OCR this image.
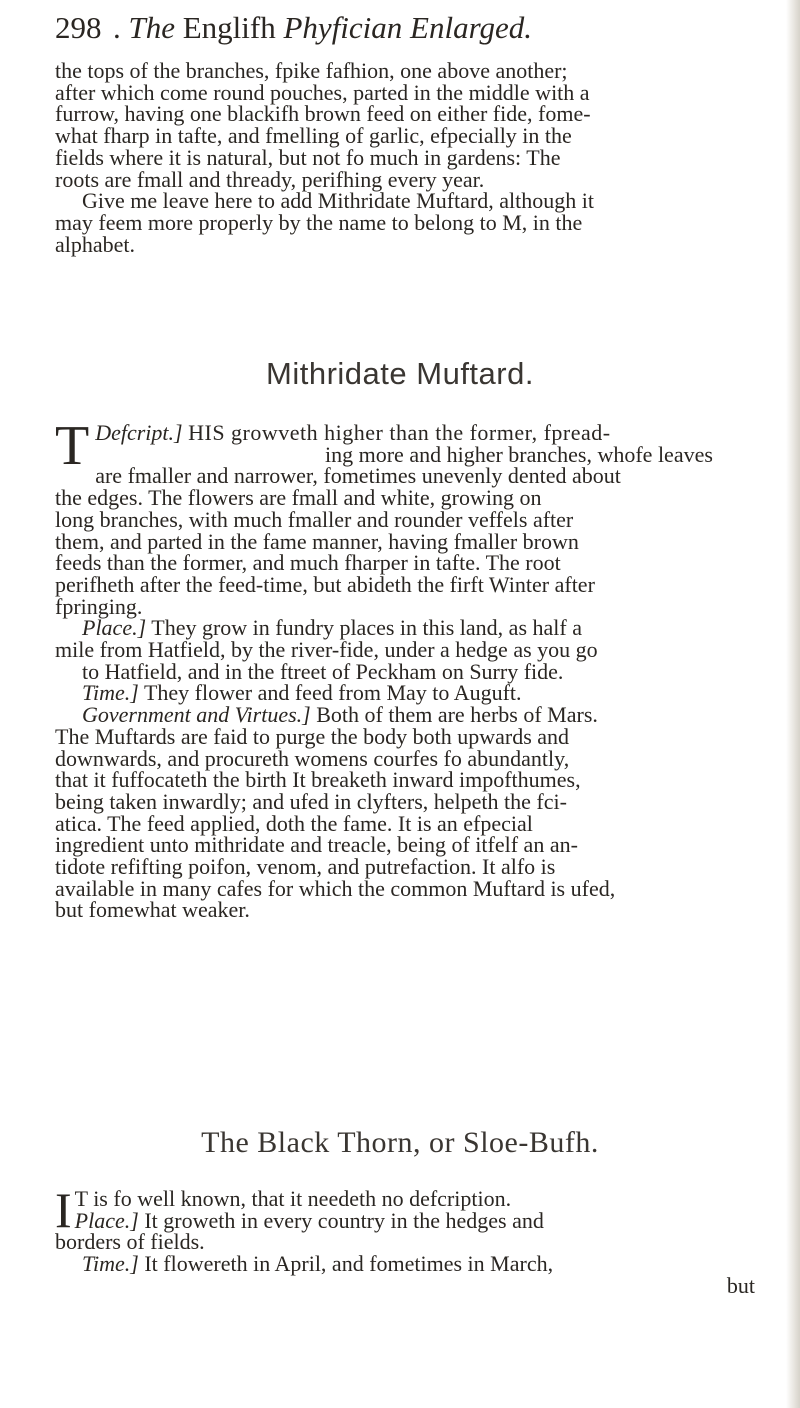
298 . The Englifh Phyfician Enlarged.

the tops of the branches, fpike fafhion, one above another;

after which come round pouches, parted in the middle with a

furrow, having one blackifh brown feed on either fide, fome-

what fharp in tafte, and fmelling of garlic, efpecially in the

fields where it is natural, but not fo much in gardens: The

roots are fmall and thready, perifhing every year.

Give me leave here to add Mithridate Muftard, although it

may feem more properly by the name to belong to M, in the

alphabet.

Mithridate Muftard.

Defcript.]
T	HIS growveth higher than the former, fpread-

ing more and higher branches, whofe leaves

are fmaller and narrower, fometimes unevenly dented about

the edges. The flowers are fmall and white, growing on

long branches, with much fmaller and rounder veffels after

them, and parted in the fame manner, having fmaller brown

feeds than the former, and much fharper in tafte. The root

perifheth after the feed-time, but abideth the firft Winter after

fpringing.

Place.] They grow in fundry places in this land, as half a

mile from Hatfield, by the river-fide, under a hedge as you go

to Hatfield, and in the ftreet of Peckham on Surry fide.

Time.] They flower and feed from May to Auguft.

Government and Virtues.] Both of them are herbs of Mars.

The Muftards are faid to purge the body both upwards and

downwards, and procureth womens courfes fo abundantly,

that it fuffocateth the birth It breaketh inward impofthumes,

being taken inwardly; and ufed in clyfters, helpeth the fci-

atica. The feed applied, doth the fame. It is an efpecial

ingredient unto mithridate and treacle, being of itfelf an an-

tidote refifting poifon, venom, and putrefaction. It alfo is

available in many cafes for which the common Muftard is ufed,

but fomewhat weaker.

The Black Thorn, or Sloe-Bufh.

I T is fo well known, that it needeth no defcription.

Place.] It groweth in every country in the hedges and

borders of fields.

Time.] It flowereth in April, and fometimes in March,

but
